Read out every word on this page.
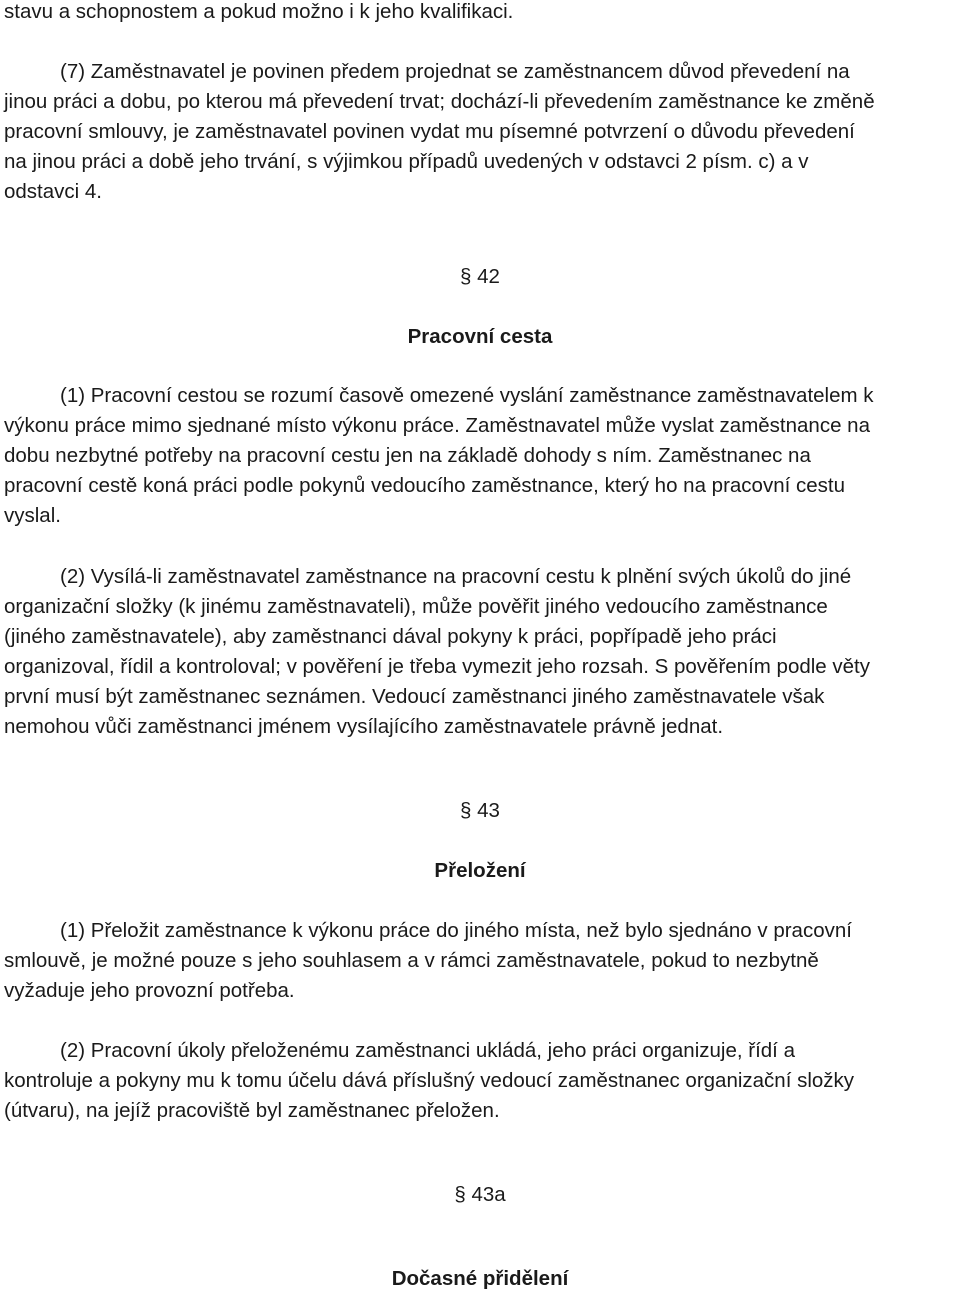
stavu a schopnostem a pokud možno i k jeho kvalifikaci.

(7) Zaměstnavatel je povinen předem projednat se zaměstnancem důvod převedení na
jinou práci a dobu, po kterou má převedení trvat; dochází-li převedením zaměstnance ke změně
pracovní smlouvy, je zaměstnavatel povinen vydat mu písemné potvrzení o důvodu převedení
na jinou práci a době jeho trvání, s výjimkou případů uvedených v odstavci 2 písm. c) a v
odstavci 4.

§ 42

Pracovní cesta

(1) Pracovní cestou se rozumí časově omezené vyslání zaměstnance zaměstnavatelem k
výkonu práce mimo sjednané místo výkonu práce. Zaměstnavatel může vyslat zaměstnance na
dobu nezbytné potřeby na pracovní cestu jen na základě dohody s ním. Zaměstnanec na
pracovní cestě koná práci podle pokynů vedoucího zaměstnance, který ho na pracovní cestu
vyslal.

(2) Vysílá-li zaměstnavatel zaměstnance na pracovní cestu k plnění svých úkolů do jiné
organizační složky (k jinému zaměstnavateli), může pověřit jiného vedoucího zaměstnance
(jiného zaměstnavatele), aby zaměstnanci dával pokyny k práci, popřípadě jeho práci
organizoval, řídil a kontroloval; v pověření je třeba vymezit jeho rozsah. S pověřením podle věty
první musí být zaměstnanec seznámen. Vedoucí zaměstnanci jiného zaměstnavatele však
nemohou vůči zaměstnanci jménem vysílajícího zaměstnavatele právně jednat.

§ 43

Přeložení

(1) Přeložit zaměstnance k výkonu práce do jiného místa, než bylo sjednáno v pracovní
smlouvě, je možné pouze s jeho souhlasem a v rámci zaměstnavatele, pokud to nezbytně
vyžaduje jeho provozní potřeba.

(2) Pracovní úkoly přeloženému zaměstnanci ukládá, jeho práci organizuje, řídí a
kontroluje a pokyny mu k tomu účelu dává příslušný vedoucí zaměstnanec organizační složky
(útvaru), na jejíž pracoviště byl zaměstnanec přeložen.

§ 43a

Dočasné přidělení
